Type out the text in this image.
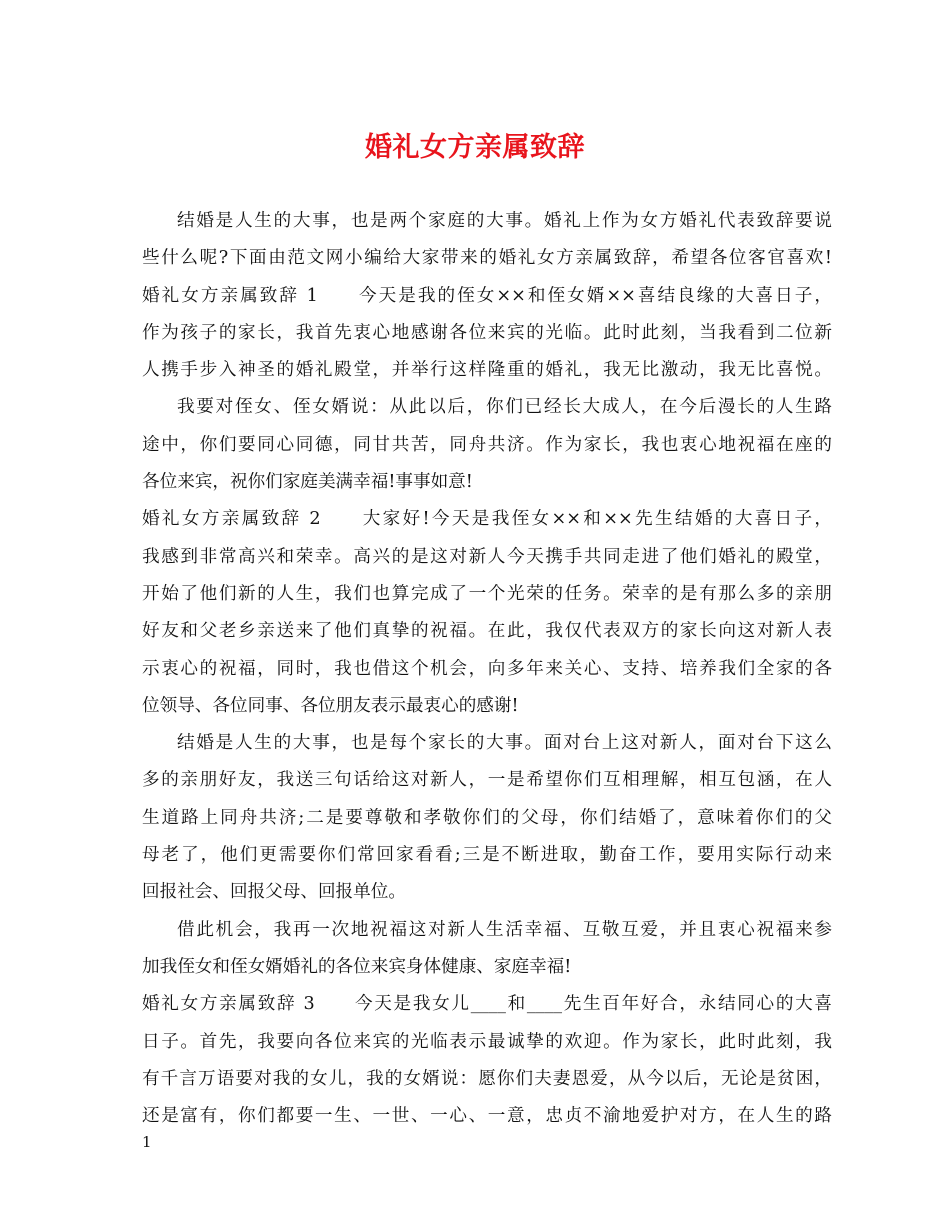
婚礼女方亲属致辞
结婚是人生的大事，也是两个家庭的大事。婚礼上作为女方婚礼代表致辞要说
些什么呢?下面由范文网小编给大家带来的婚礼女方亲属致辞，希望各位客官喜欢!
婚礼女方亲属致辞 1　　今天是我的侄女××和侄女婿××喜结良缘的大喜日子，
作为孩子的家长，我首先衷心地感谢各位来宾的光临。此时此刻，当我看到二位新
人携手步入神圣的婚礼殿堂，并举行这样隆重的婚礼，我无比激动，我无比喜悦。
我要对侄女、侄女婿说：从此以后，你们已经长大成人，在今后漫长的人生路
途中，你们要同心同德，同甘共苦，同舟共济。作为家长，我也衷心地祝福在座的
各位来宾，祝你们家庭美满幸福!事事如意!
婚礼女方亲属致辞 2　　大家好!今天是我侄女××和××先生结婚的大喜日子，
我感到非常高兴和荣幸。高兴的是这对新人今天携手共同走进了他们婚礼的殿堂，
开始了他们新的人生，我们也算完成了一个光荣的任务。荣幸的是有那么多的亲朋
好友和父老乡亲送来了他们真挚的祝福。在此，我仅代表双方的家长向这对新人表
示衷心的祝福，同时，我也借这个机会，向多年来关心、支持、培养我们全家的各
位领导、各位同事、各位朋友表示最衷心的感谢!
结婚是人生的大事，也是每个家长的大事。面对台上这对新人，面对台下这么
多的亲朋好友，我送三句话给这对新人，一是希望你们互相理解，相互包涵，在人
生道路上同舟共济;二是要尊敬和孝敬你们的父母，你们结婚了，意味着你们的父
母老了，他们更需要你们常回家看看;三是不断进取，勤奋工作，要用实际行动来
回报社会、回报父母、回报单位。
借此机会，我再一次地祝福这对新人生活幸福、互敬互爱，并且衷心祝福来参
加我侄女和侄女婿婚礼的各位来宾身体健康、家庭幸福!
婚礼女方亲属致辞 3　　今天是我女儿____和____先生百年好合，永结同心的大喜
日子。首先，我要向各位来宾的光临表示最诚挚的欢迎。作为家长，此时此刻，我
有千言万语要对我的女儿，我的女婿说：愿你们夫妻恩爱，从今以后，无论是贫困，
还是富有，你们都要一生、一世、一心、一意，忠贞不渝地爱护对方，在人生的路
1
